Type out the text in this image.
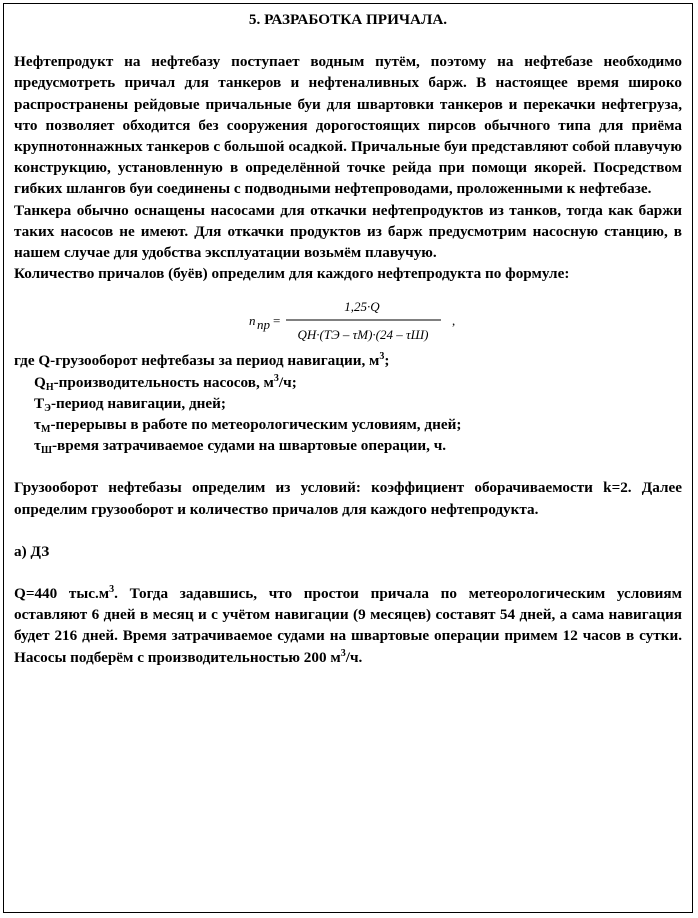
5. РАЗРАБОТКА ПРИЧАЛА.
Нефтепродукт на нефтебазу поступает водным путём, поэтому на нефтебазе необходимо предусмотреть причал для танкеров и нефтеналивных барж. В настоящее время широко распространены рейдовые причальные буи для швартовки танкеров и перекачки нефтегруза, что позволяет обходится без сооружения дорогостоящих пирсов обычного типа для приёма крупнотоннажных танкеров с большой осадкой. Причальные буи представляют собой плавучую конструкцию, установленную в определённой точке рейда при помощи якорей. Посредством гибких шлангов буи соединены с подводными нефтепроводами, проложенными к нефтебазе.
Танкера обычно оснащены насосами для откачки нефтепродуктов из танков, тогда как баржи таких насосов не имеют. Для откачки продуктов из барж предусмотрим насосную станцию, в нашем случае для удобства эксплуатации возьмём плавучую.
Количество причалов (буёв) определим для каждого нефтепродукта по формуле:
n пр =
1,25·Q
QН·(TЭ – τМ)·(24 – τШ)
,
где Q-грузооборот нефтебазы за период навигации, $м^3$;
$Q_Н$-производительность насосов, $м^3/ч$;
$T_Э$-период навигации, дней;
$\tau_М$-перерывы в работе по метеорологическим условиям, дней;
$\tau_Ш$-время затрачиваемое судами на швартовые операции, ч.
Грузооборот нефтебазы определим из условий: коэффициент оборачиваемости k=2. Далее определим грузооборот и количество причалов для каждого нефтепродукта.
а) ДЗ
Q=440 $тыс.м^3$. Тогда задавшись, что простои причала по метеорологическим условиям оставляют 6 дней в месяц и с учётом навигации (9 месяцев) составят 54 дней, а сама навигация будет 216 дней. Время затрачиваемое судами на швартовые операции примем 12 часов в сутки. Насосы подберём с производительностью 200 $м^3/ч$.
